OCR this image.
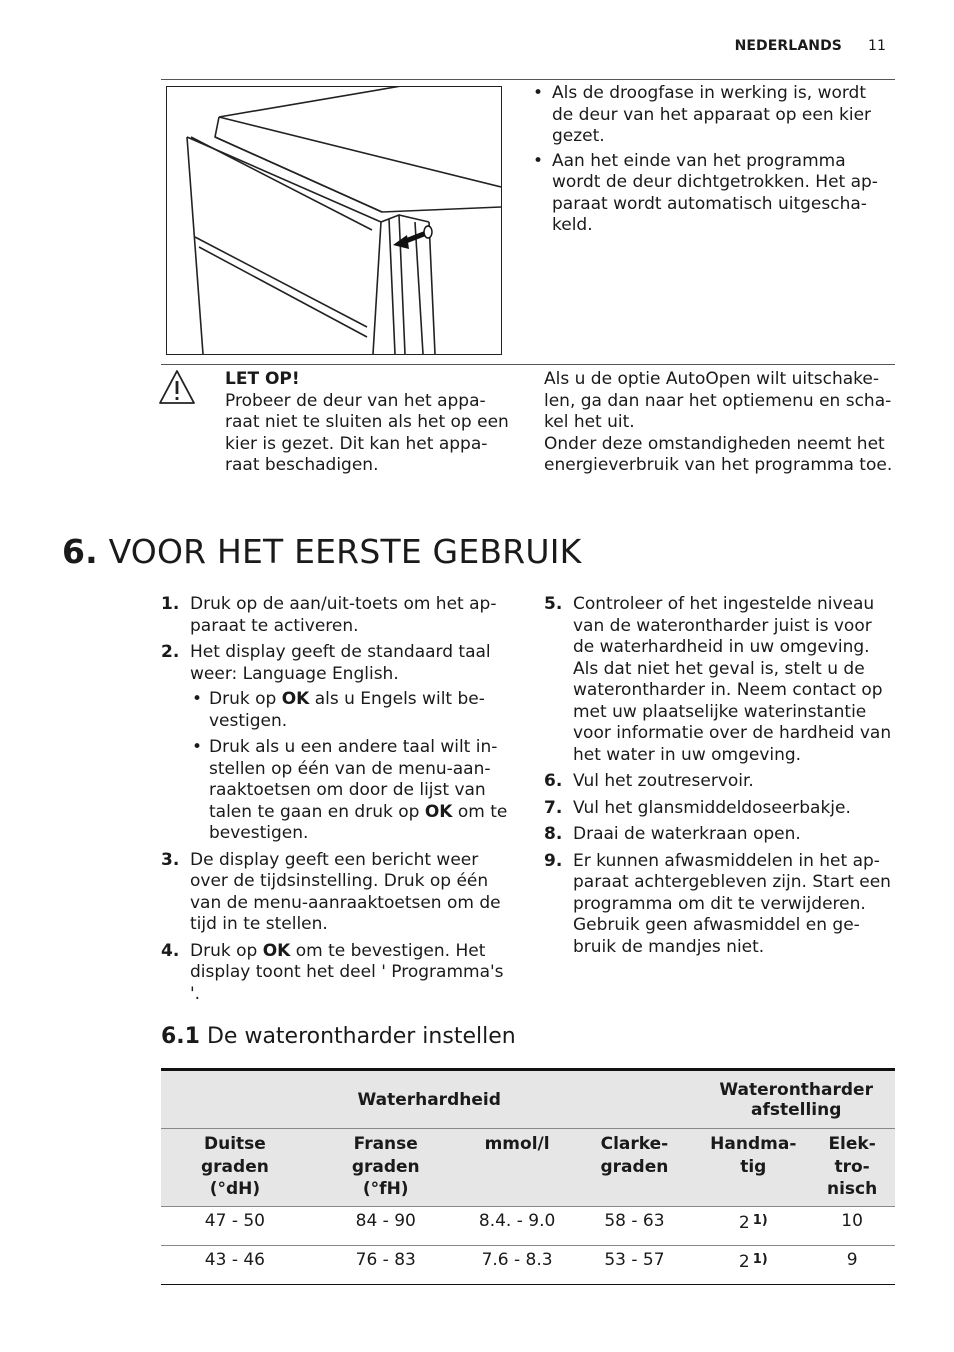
NEDERLANDS 11
• Als de droogfase in werking is, wordt de deur van het apparaat op een kier gezet.
• Aan het einde van het programma wordt de deur dichtgetrokken. Het ap-paraat wordt automatisch uitgescha-keld.
LET OP!
Probeer de deur van het appa-raat niet te sluiten als het op een kier is gezet. Dit kan het appa-raat beschadigen.
Als u de optie AutoOpen wilt uitschake-len, ga dan naar het optiemenu en scha-kel het uit.
Onder deze omstandigheden neemt het energieverbruik van het programma toe.
6. VOOR HET EERSTE GEBRUIK
1. Druk op de aan/uit-toets om het ap-paraat te activeren.
2. Het display geeft de standaard taal weer: Language English.
• Druk op OK als u Engels wilt be-vestigen.
• Druk als u een andere taal wilt in-stellen op één van de menu-aan-raaktoetsen om door de lijst van talen te gaan en druk op OK om te bevestigen.
3. De display geeft een bericht weer over de tijdsinstelling. Druk op één van de menu-aanraaktoetsen om de tijd in te stellen.
4. Druk op OK om te bevestigen. Het display toont het deel ' Programma's '.
5. Controleer of het ingestelde niveau van de waterontharder juist is voor de waterhardheid in uw omgeving. Als dat niet het geval is, stelt u de waterontharder in. Neem contact op met uw plaatselijke waterinstantie voor informatie over de hardheid van het water in uw omgeving.
6. Vul het zoutreservoir.
7. Vul het glansmiddeldoseerbakje.
8. Draai de waterkraan open.
9. Er kunnen afwasmiddelen in het ap-paraat achtergebleven zijn. Start een programma om dit te verwijderen. Gebruik geen afwasmiddel en ge-bruik de mandjes niet.
6.1 De waterontharder instellen
Waterhardheid				Waterontharder afstelling	
Duitse graden (°dH)	Franse graden (°fH)	mmol/l	Clarke-graden	Handma-tig	Elek-tro-nisch
47 - 50	84 - 90	8.4. - 9.0	58 - 63	2 $^{1)}$	10
43 - 46	76 - 83	7.6 - 8.3	53 - 57	2 $^{1)}$	9
